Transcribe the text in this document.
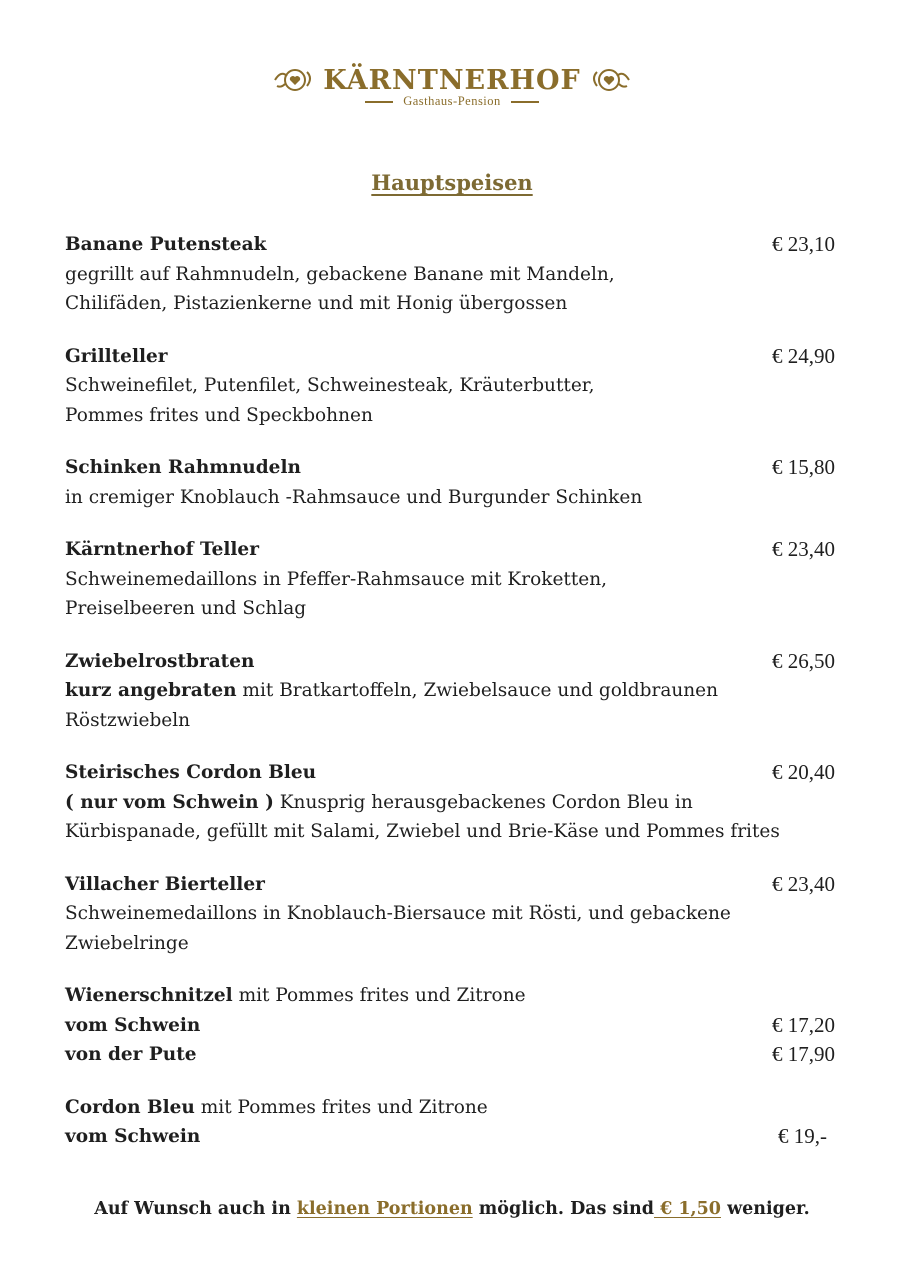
KÄRNTNERHOF
Gasthaus-Pension
Hauptspeisen
Banane Putensteak	€ 23,10
gegrillt auf Rahmnudeln, gebackene Banane mit Mandeln,
Chilifäden, Pistazienkerne und mit Honig übergossen
Grillteller	€ 24,90
Schweinefilet, Putenfilet, Schweinesteak, Kräuterbutter,
Pommes frites und Speckbohnen
Schinken Rahmnudeln	€ 15,80
in cremiger Knoblauch -Rahmsauce und Burgunder Schinken
Kärntnerhof Teller	€ 23,40
Schweinemedaillons in Pfeffer-Rahmsauce mit Kroketten,
Preiselbeeren und Schlag
Zwiebelrostbraten	€ 26,50
kurz angebraten mit Bratkartoffeln, Zwiebelsauce und goldbraunen
Röstzwiebeln
Steirisches Cordon Bleu	€ 20,40
( nur vom Schwein ) Knusprig herausgebackenes Cordon Bleu in
Kürbispanade, gefüllt mit Salami, Zwiebel und Brie-Käse und Pommes frites
Villacher Bierteller	€ 23,40
Schweinemedaillons in Knoblauch-Biersauce mit Rösti, und gebackene
Zwiebelringe
Wienerschnitzel mit Pommes frites und Zitrone
vom Schwein	€ 17,20
von der Pute	€ 17,90
Cordon Bleu mit Pommes frites und Zitrone
vom Schwein	€ 19,-
Auf Wunsch auch in kleinen Portionen möglich. Das sind € 1,50 weniger.
